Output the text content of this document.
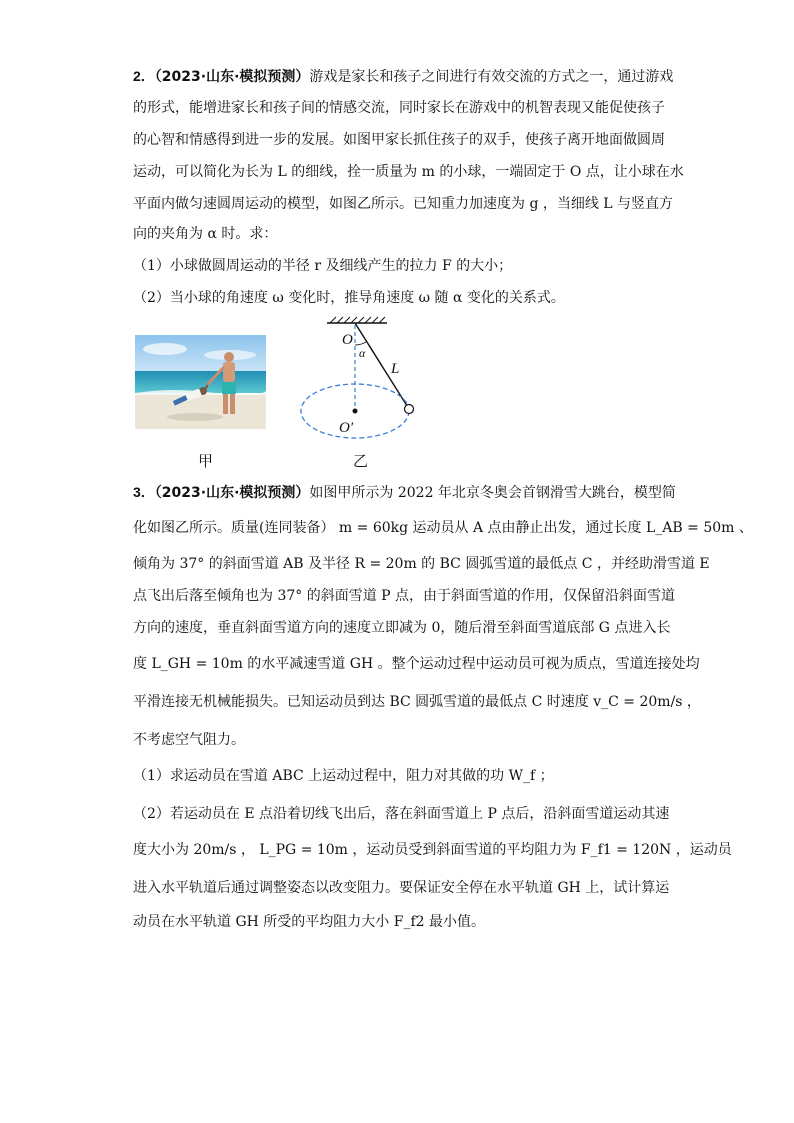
2．（2023·山东·模拟预测）游戏是家长和孩子之间进行有效交流的方式之一，通过游戏
的形式，能增进家长和孩子间的情感交流，同时家长在游戏中的机智表现又能促使孩子
的心智和情感得到进一步的发展。如图甲家长抓住孩子的双手，使孩子离开地面做圆周
运动，可以简化为长为 L 的细线，拴一质量为 m 的小球，一端固定于 O 点，让小球在水
平面内做匀速圆周运动的模型，如图乙所示。已知重力加速度为 g ，当细线 L 与竖直方
向的夹角为 α 时。求：
（1）小球做圆周运动的半径 r 及细线产生的拉力 F 的大小；
（2）当小球的角速度 ω 变化时，推导角速度 ω 随 α 变化的关系式。
甲
O
α
L
O′
乙
3．（2023·山东·模拟预测）如图甲所示为 2022 年北京冬奥会首钢滑雪大跳台，模型简
化如图乙所示。质量(连同装备） m = 60kg 运动员从 A 点由静止出发，通过长度 L_AB = 50m 、
倾角为 37° 的斜面雪道 AB 及半径 R = 20m 的 BC 圆弧雪道的最低点 C ，并经助滑雪道 E
点飞出后落至倾角也为 37° 的斜面雪道 P 点，由于斜面雪道的作用，仅保留沿斜面雪道
方向的速度，垂直斜面雪道方向的速度立即减为 0，随后滑至斜面雪道底部 G 点进入长
度 L_GH = 10m 的水平减速雪道 GH 。整个运动过程中运动员可视为质点，雪道连接处均
平滑连接无机械能损失。已知运动员到达 BC 圆弧雪道的最低点 C 时速度 v_C = 20m/s ，
不考虑空气阻力。
（1）求运动员在雪道 ABC 上运动过程中，阻力对其做的功 W_f ；
（2）若运动员在 E 点沿着切线飞出后，落在斜面雪道上 P 点后，沿斜面雪道运动其速
度大小为 20m/s ， L_PG = 10m ，运动员受到斜面雪道的平均阻力为 F_f1 = 120N ，运动员
进入水平轨道后通过调整姿态以改变阻力。要保证安全停在水平轨道 GH 上，试计算运
动员在水平轨道 GH 所受的平均阻力大小 F_f2 最小值。
